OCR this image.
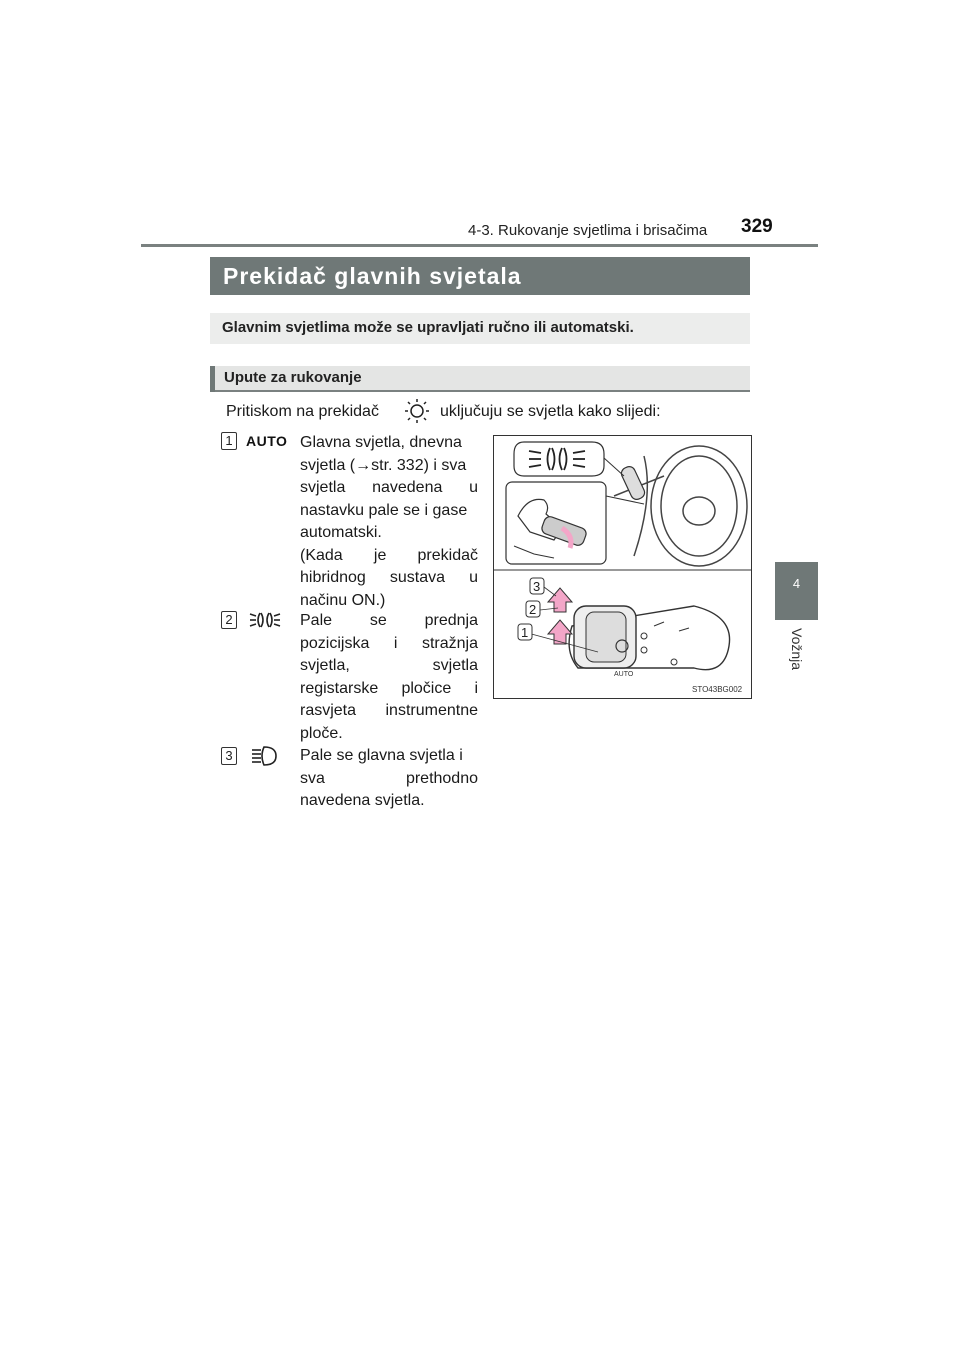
4-3. Rukovanje svjetlima i brisačima 329
4
Vožnja
Prekidač glavnih svjetala
Glavnim svjetlima može se upravljati ručno ili automatski.
Upute za rukovanje
Pritiskom na prekidač	uključuju se svjetla kako slijedi:
1 AUTO Glavna svjetla, dnevna
svjetla (→str. 332) i sva
svjetla navedena u
nastavku pale se i gase
automatski.
(Kada je prekidač
hibridnog sustava u
načinu ON.)
2	Pale se prednja
pozicijska i stražnja
svjetla, svjetla
registarske pločice i
rasvjeta instrumentne
ploče.
3	Pale se glavna svjetla i
sva prethodno
navedena svjetla.
AUTO
3
2
1
STO43BG002
